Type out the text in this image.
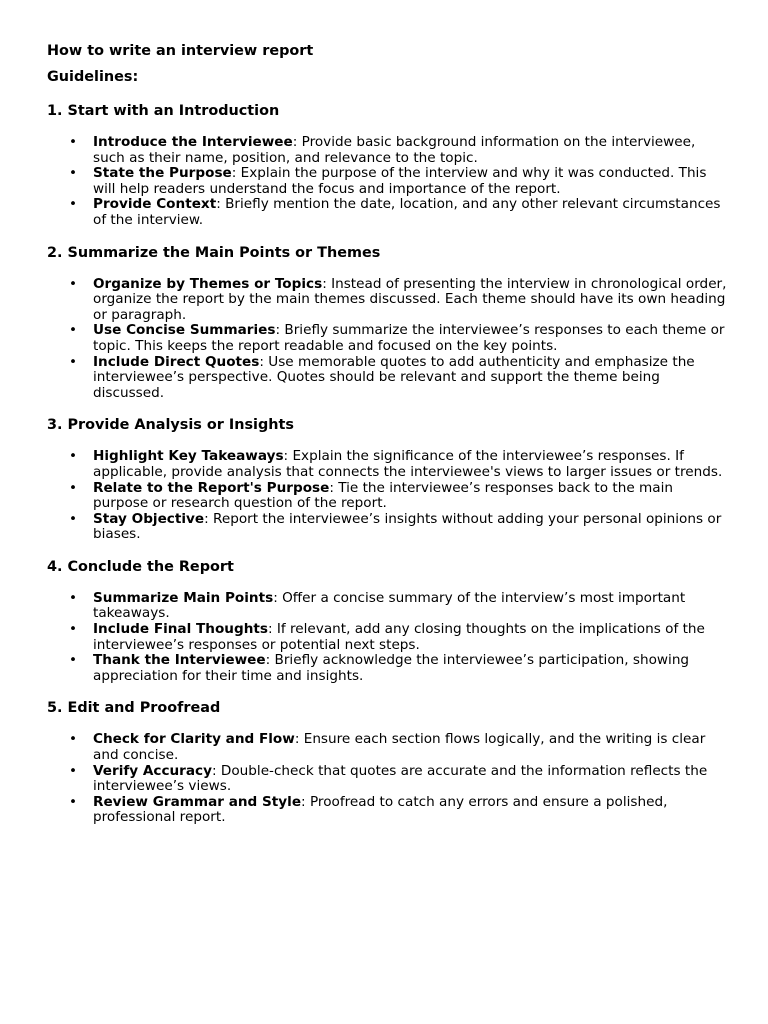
How to write an interview report
Guidelines:
1. Start with an Introduction
• Introduce the Interviewee: Provide basic background information on the interviewee, such as their name, position, and relevance to the topic.
• State the Purpose: Explain the purpose of the interview and why it was conducted. This will help readers understand the focus and importance of the report.
• Provide Context: Briefly mention the date, location, and any other relevant circumstances of the interview.
2. Summarize the Main Points or Themes
• Organize by Themes or Topics: Instead of presenting the interview in chronological order, organize the report by the main themes discussed. Each theme should have its own heading or paragraph.
• Use Concise Summaries: Briefly summarize the interviewee’s responses to each theme or topic. This keeps the report readable and focused on the key points.
• Include Direct Quotes: Use memorable quotes to add authenticity and emphasize the interviewee’s perspective. Quotes should be relevant and support the theme being discussed.
3. Provide Analysis or Insights
• Highlight Key Takeaways: Explain the significance of the interviewee’s responses. If applicable, provide analysis that connects the interviewee's views to larger issues or trends.
• Relate to the Report's Purpose: Tie the interviewee’s responses back to the main purpose or research question of the report.
• Stay Objective: Report the interviewee’s insights without adding your personal opinions or biases.
4. Conclude the Report
• Summarize Main Points: Offer a concise summary of the interview’s most important takeaways.
• Include Final Thoughts: If relevant, add any closing thoughts on the implications of the interviewee’s responses or potential next steps.
• Thank the Interviewee: Briefly acknowledge the interviewee’s participation, showing appreciation for their time and insights.
5. Edit and Proofread
• Check for Clarity and Flow: Ensure each section flows logically, and the writing is clear and concise.
• Verify Accuracy: Double-check that quotes are accurate and the information reflects the interviewee’s views.
• Review Grammar and Style: Proofread to catch any errors and ensure a polished, professional report.
